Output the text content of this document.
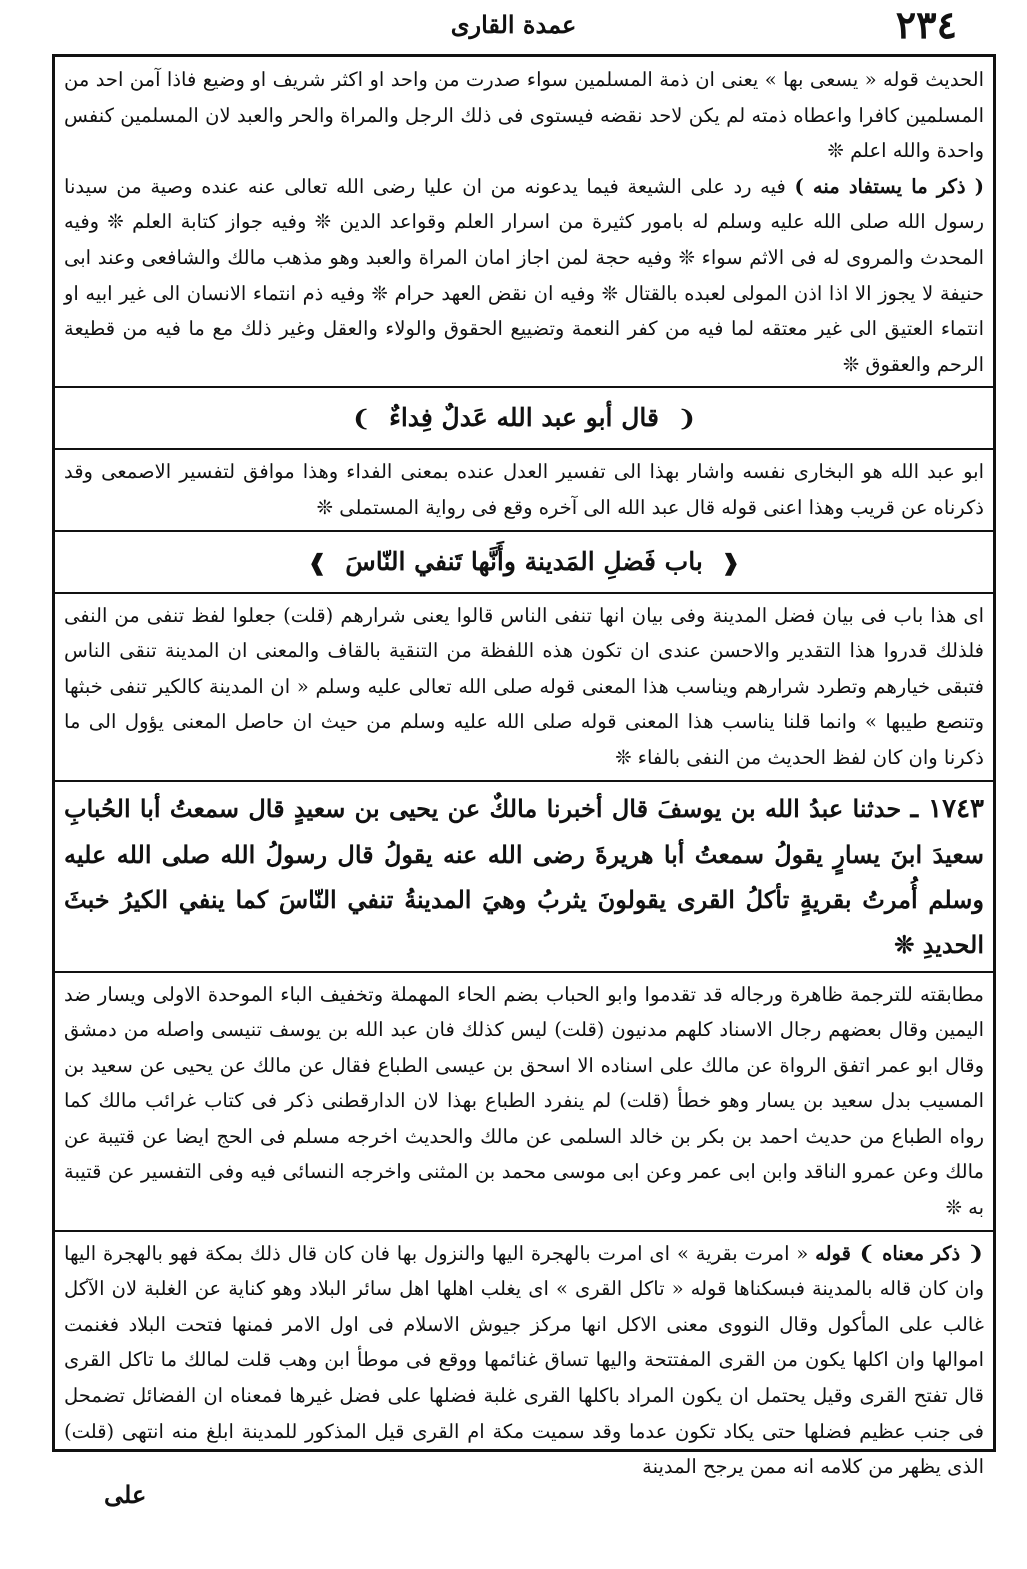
٢٣٤
عمدة القارى

الحديث قوله « يسعى بها » يعنى ان ذمة المسلمين سواء صدرت من واحد او اكثر شريف او وضيع فاذا آمن احد من المسلمين كافرا واعطاه ذمته لم يكن لاحد نقضه فيستوى فى ذلك الرجل والمراة والحر والعبد لان المسلمين كنفس واحدة والله اعلم ❊

( ذكر ما يستفاد منه ) فيه رد على الشيعة فيما يدعونه من ان عليا رضى الله تعالى عنه عنده وصية من سيدنا رسول الله صلى الله عليه وسلم له بامور كثيرة من اسرار العلم وقواعد الدين ❊ وفيه جواز كتابة العلم ❊ وفيه المحدث والمروى له فى الاثم سواء ❊ وفيه حجة لمن اجاز امان المراة والعبد وهو مذهب مالك والشافعى وعند ابى حنيفة لا يجوز الا اذا اذن المولى لعبده بالقتال ❊ وفيه ان نقض العهد حرام ❊ وفيه ذم انتماء الانسان الى غير ابيه او انتماء العتيق الى غير معتقه لما فيه من كفر النعمة وتضييع الحقوق والولاء والعقل وغير ذلك مع ما فيه من قطيعة الرحم والعقوق ❊

❨ قال أبو عبد الله عَدلٌ فِداءٌ ❩

ابو عبد الله هو البخارى نفسه واشار بهذا الى تفسير العدل عنده بمعنى الفداء وهذا موافق لتفسير الاصمعى وقد ذكرناه عن قريب وهذا اعنى قوله قال عبد الله الى آخره وقع فى رواية المستملى ❊

❰ باب فَضلِ المَدينة وأَنَّها تَنفي النّاسَ ❱

اى هذا باب فى بيان فضل المدينة وفى بيان انها تنفى الناس قالوا يعنى شرارهم (قلت) جعلوا لفظ تنفى من النفى فلذلك قدروا هذا التقدير والاحسن عندى ان تكون هذه اللفظة من التنقية بالقاف والمعنى ان المدينة تنقى الناس فتبقى خيارهم وتطرد شرارهم ويناسب هذا المعنى قوله صلى الله تعالى عليه وسلم « ان المدينة كالكير تنفى خبثها وتنصع طيبها » وانما قلنا يناسب هذا المعنى قوله صلى الله عليه وسلم من حيث ان حاصل المعنى يؤول الى ما ذكرنا وان كان لفظ الحديث من النفى بالفاء ❊

١٧٤٣ ـ حدثنا عبدُ الله بن يوسفَ قال أخبرنا مالكٌ عن يحيى بن سعيدٍ قال سمعتُ أبا الحُبابِ سعيدَ ابنَ يسارٍ يقولُ سمعتُ أبا هريرةَ رضى الله عنه يقولُ قال رسولُ الله صلى الله عليه وسلم أُمرتُ بقريةٍ تأكلُ القرى يقولونَ يثربُ وهيَ المدينةُ تنفي النّاسَ كما ينفي الكيرُ خبثَ الحديدِ ❊

مطابقته للترجمة ظاهرة ورجاله قد تقدموا وابو الحباب بضم الحاء المهملة وتخفيف الباء الموحدة الاولى ويسار ضد اليمين وقال بعضهم رجال الاسناد كلهم مدنيون (قلت) ليس كذلك فان عبد الله بن يوسف تنيسى واصله من دمشق وقال ابو عمر اتفق الرواة عن مالك على اسناده الا اسحق بن عيسى الطباع فقال عن مالك عن يحيى عن سعيد بن المسيب بدل سعيد بن يسار وهو خطأ (قلت) لم ينفرد الطباع بهذا لان الدارقطنى ذكر فى كتاب غرائب مالك كما رواه الطباع من حديث احمد بن بكر بن خالد السلمى عن مالك والحديث اخرجه مسلم فى الحج ايضا عن قتيبة عن مالك وعن عمرو الناقد وابن ابى عمر وعن ابى موسى محمد بن المثنى واخرجه النسائى فيه وفى التفسير عن قتيبة به ❊

❨ ذكر معناه ❩ قوله « امرت بقرية » اى امرت بالهجرة اليها والنزول بها فان كان قال ذلك بمكة فهو بالهجرة اليها وان كان قاله بالمدينة فبسكناها قوله « تاكل القرى » اى يغلب اهلها اهل سائر البلاد وهو كناية عن الغلبة لان الآكل غالب على المأكول وقال النووى معنى الاكل انها مركز جيوش الاسلام فى اول الامر فمنها فتحت البلاد فغنمت اموالها وان اكلها يكون من القرى المفتتحة واليها تساق غنائمها ووقع فى موطأ ابن وهب قلت لمالك ما تاكل القرى قال تفتح القرى وقيل يحتمل ان يكون المراد باكلها القرى غلبة فضلها على فضل غيرها فمعناه ان الفضائل تضمحل فى جنب عظيم فضلها حتى يكاد تكون عدما وقد سميت مكة ام القرى قيل المذكور للمدينة ابلغ منه انتهى (قلت) الذى يظهر من كلامه انه ممن يرجح المدينة

على
